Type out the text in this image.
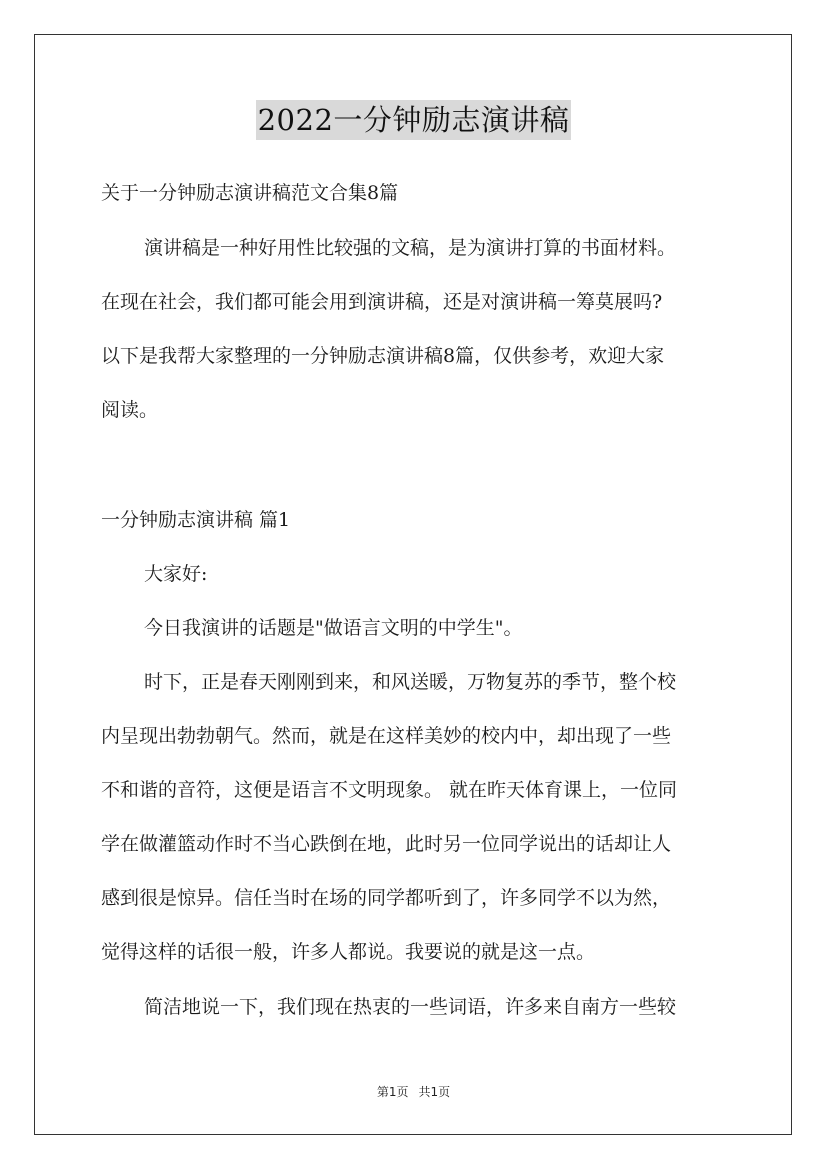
2022一分钟励志演讲稿
关于一分钟励志演讲稿范文合集8篇
演讲稿是一种好用性比较强的文稿，是为演讲打算的书面材料。
在现在社会，我们都可能会用到演讲稿，还是对演讲稿一筹莫展吗?
以下是我帮大家整理的一分钟励志演讲稿8篇，仅供参考，欢迎大家
阅读。
一分钟励志演讲稿 篇1
大家好:
今日我演讲的话题是"做语言文明的中学生"。
时下，正是春天刚刚到来，和风送暖，万物复苏的季节，整个校
内呈现出勃勃朝气。然而，就是在这样美妙的校内中，却出现了一些
不和谐的音符，这便是语言不文明现象。 就在昨天体育课上，一位同
学在做灌篮动作时不当心跌倒在地，此时另一位同学说出的话却让人
感到很是惊异。信任当时在场的同学都听到了，许多同学不以为然，
觉得这样的话很一般，许多人都说。我要说的就是这一点。
简洁地说一下，我们现在热衷的一些词语，许多来自南方一些较
第1页 共1页
